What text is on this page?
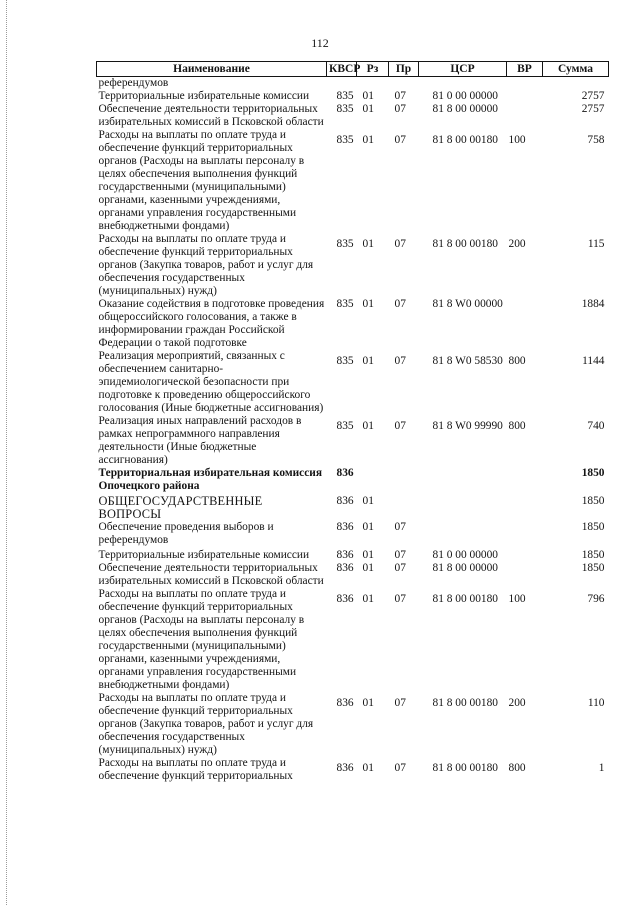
112
Наименование	КВСР	Рз	Пр	ЦСР	ВР	Сумма
референдумов						
Территориальные избирательные комиссии	835	01	07	81 0 00 00000		2757
Обеспечение деятельности территориальных избирательных комиссий в Псковской области	835	01	07	81 8 00 00000		2757
Расходы на выплаты по оплате труда и обеспечение функций территориальных органов (Расходы на выплаты персоналу в целях обеспечения выполнения функций государственными (муниципальными) органами, казенными учреждениями, органами управления государственными внебюджетными фондами)	835	01	07	81 8 00 00180	100	758
Расходы на выплаты по оплате труда и обеспечение функций территориальных органов (Закупка товаров, работ и услуг для обеспечения государственных (муниципальных) нужд)	835	01	07	81 8 00 00180	200	115
Оказание содействия в подготовке проведения общероссийского голосования, а также в информировании граждан Российской Федерации о такой подготовке	835	01	07	81 8 W0 00000		1884
Реализация мероприятий, связанных с обеспечением санитарно-эпидемиологической безопасности при подготовке к проведению общероссийского голосования (Иные бюджетные ассигнования)	835	01	07	81 8 W0 58530	800	1144
Реализация иных направлений расходов в рамках непрограммного направления деятельности (Иные бюджетные ассигнования)	835	01	07	81 8 W0 99990	800	740
Территориальная избирательная комиссия Опочецкого района	836					1850
ОБЩЕГОСУДАРСТВЕННЫЕ ВОПРОСЫ	836	01				1850
Обеспечение проведения выборов и референдумов	836	01	07			1850
Территориальные избирательные комиссии	836	01	07	81 0 00 00000		1850
Обеспечение деятельности территориальных избирательных комиссий в Псковской области	836	01	07	81 8 00 00000		1850
Расходы на выплаты по оплате труда и обеспечение функций территориальных органов (Расходы на выплаты персоналу в целях обеспечения выполнения функций государственными (муниципальными) органами, казенными учреждениями, органами управления государственными внебюджетными фондами)	836	01	07	81 8 00 00180	100	796
Расходы на выплаты по оплате труда и обеспечение функций территориальных органов (Закупка товаров, работ и услуг для обеспечения государственных (муниципальных) нужд)	836	01	07	81 8 00 00180	200	110
Расходы на выплаты по оплате труда и обеспечение функций территориальных	836	01	07	81 8 00 00180	800	1
